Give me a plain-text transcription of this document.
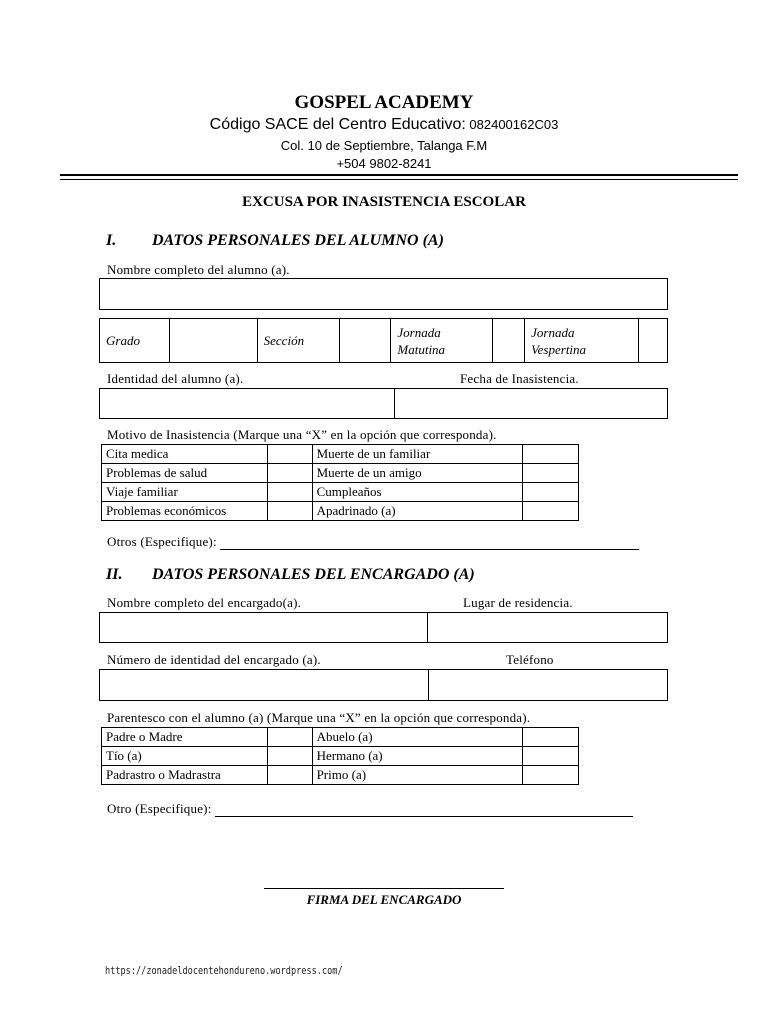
GOSPEL ACADEMY
Código SACE del Centro Educativo: 082400162C03
Col. 10 de Septiembre, Talanga F.M
+504 9802-8241
EXCUSA POR INASISTENCIA ESCOLAR
I. DATOS PERSONALES DEL ALUMNO (A)
Nombre completo del alumno (a).
Grado		Sección		Jornada Matutina		Jornada Vespertina	
Identidad del alumno (a).	Fecha de Inasistencia.
Motivo de Inasistencia (Marque una “X” en la opción que corresponda).
Cita medica		Muerte de un familiar	
Problemas de salud		Muerte de un amigo	
Viaje familiar		Cumpleaños	
Problemas económicos		Apadrinado (a)	
Otros (Especifique):
II. DATOS PERSONALES DEL ENCARGADO (A)
Nombre completo del encargado(a).	Lugar de residencia.
Número de identidad del encargado (a).	Teléfono
Parentesco con el alumno (a) (Marque una “X” en la opción que corresponda).
Padre o Madre		Abuelo (a)	
Tío (a)		Hermano (a)	
Padrastro o Madrastra		Primo (a)	
Otro (Especifique):
FIRMA DEL ENCARGADO
https://zonadeldocentehondureno.wordpress.com/
